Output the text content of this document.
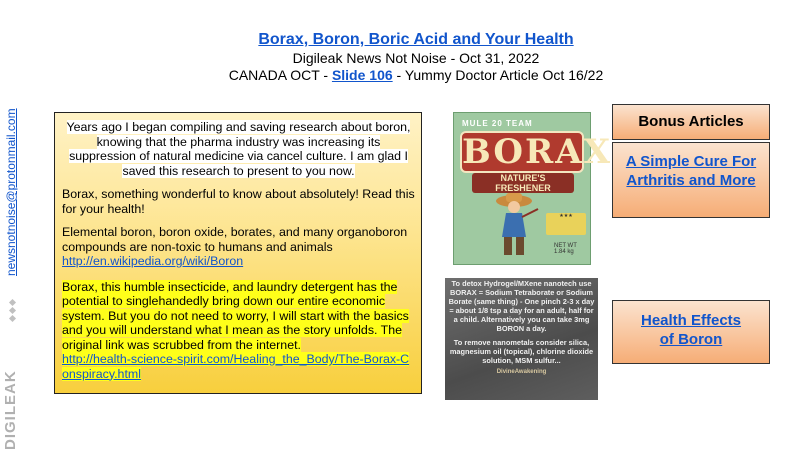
newsnotnoise@protonmail.com
DIGILEAK
Borax, Boron, Boric Acid and Your Health
Digileak News Not Noise - Oct 31, 2022
CANADA OCT - Slide 106 - Yummy Doctor Article Oct 16/22

Years ago I began compiling and saving research about boron, knowing that the pharma industry was increasing its suppression of natural medicine via cancel culture. I am glad I saved this research to present to you now.

Borax, something wonderful to know about absolutely! Read this for your health!

Elemental boron, boron oxide, borates, and many organoboron compounds are non-toxic to humans and animals
http://en.wikipedia.org/wiki/Boron

Borax, this humble insecticide, and laundry detergent has the potential to singlehandedly bring down our entire economic system. But you do not need to worry, I will start with the basics and you will understand what I mean as the story unfolds. The original link was scrubbed from the internet.
http://health-science-spirit.com/Healing_the_Body/The-Borax-Conspiracy.html

MULE 20 TEAM
BORAX
NATURE'S FRESHENER
★★★
NET WT 1.84 kg

To detox Hydrogel/MXene nanotech use BORAX = Sodium Tetraborate or Sodium Borate (same thing) - One pinch 2-3 x day = about 1/8 tsp a day for an adult, half for a child. Alternatively you can take 3mg BORON a day.

To remove nanometals consider silica, magnesium oil (topical), chlorine dioxide solution, MSM sulfur...

DivineAwakening
Bonus Articles
A Simple Cure For Arthritis and More
Health Effects
of Boron
